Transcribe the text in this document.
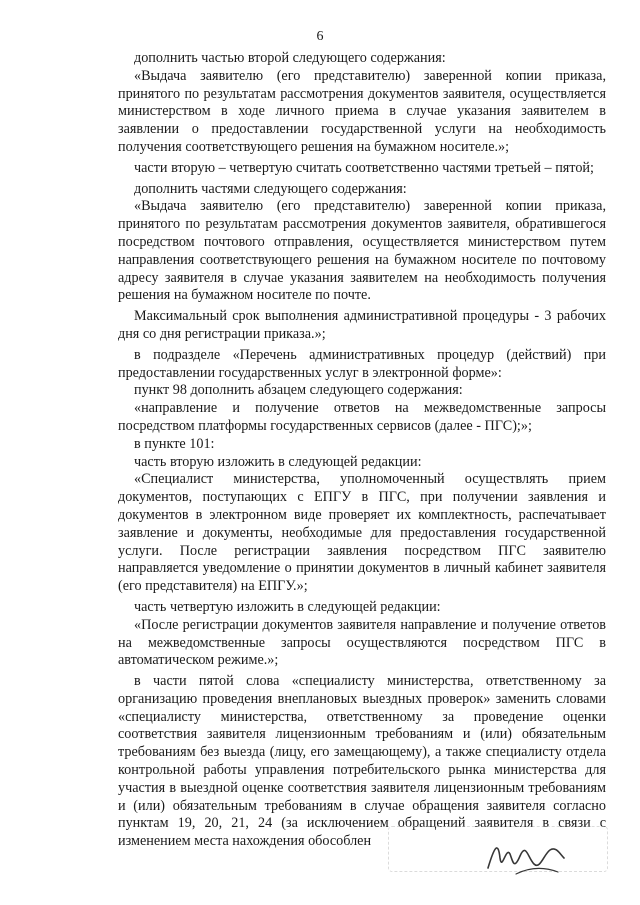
6

дополнить частью второй следующего содержания:

«Выдача заявителю (его представителю) заверенной копии приказа, принятого по результатам рассмотрения документов заявителя, осуществляется министерством в ходе личного приема в случае указания заявителем в заявлении о предоставлении государственной услуги на необходимость получения соответствующего решения на бумажном носителе.»;

части вторую – четвертую считать соответственно частями третьей – пятой;

дополнить частями следующего содержания:

«Выдача заявителю (его представителю) заверенной копии приказа, принятого по результатам рассмотрения документов заявителя, обратившегося посредством почтового отправления, осуществляется министерством путем направления соответствующего решения на бумажном носителе по почтовому адресу заявителя в случае указания заявителем на необходимость получения решения на бумажном носителе по почте.

Максимальный срок выполнения административной процедуры - 3 рабочих дня со дня регистрации приказа.»;

в подразделе «Перечень административных процедур (действий) при предоставлении государственных услуг в электронной форме»:

пункт 98 дополнить абзацем следующего содержания:

«направление и получение ответов на межведомственные запросы посредством платформы государственных сервисов (далее - ПГС);»;

в пункте 101:

часть вторую изложить в следующей редакции:

«Специалист министерства, уполномоченный осуществлять прием документов, поступающих с ЕПГУ в ПГС, при получении заявления и документов в электронном виде проверяет их комплектность, распечатывает заявление и документы, необходимые для предоставления государственной услуги. После регистрации заявления посредством ПГС заявителю направляется уведомление о принятии документов в личный кабинет заявителя (его представителя) на ЕПГУ.»;

часть четвертую изложить в следующей редакции:

«После регистрации документов заявителя направление и получение ответов на межведомственные запросы осуществляются посредством ПГС в автоматическом режиме.»;

в части пятой слова «специалисту министерства, ответственному за организацию проведения внеплановых выездных проверок» заменить словами «специалисту министерства, ответственному за проведение оценки соответствия заявителя лицензионным требованиям и (или) обязательным требованиям без выезда (лицу, его замещающему), а также специалисту отдела контрольной работы управления потребительского рынка министерства для участия в выездной оценке соответствия заявителя лицензионным требованиям и (или) обязательным требованиям в случае обращения заявителя согласно пунктам 19, 20, 21, 24 (за исключением обращений заявителя в связи с изменением места нахождения обособлен
